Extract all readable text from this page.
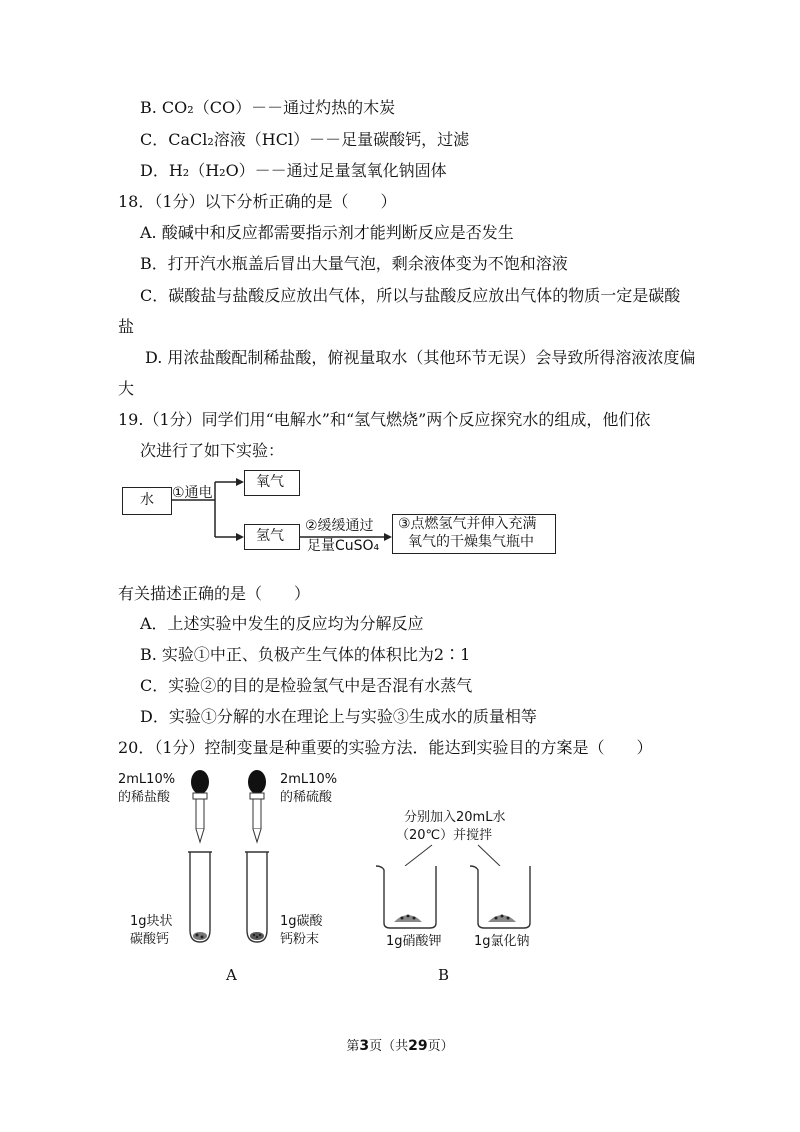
B. CO₂（CO）－－通过灼热的木炭
C．CaCl₂溶液（HCl）－－足量碳酸钙，过滤
D．H₂（H₂O）－－通过足量氢氧化钠固体
18．（1分）以下分析正确的是（　　）
A. 酸碱中和反应都需要指示剂才能判断反应是否发生
B．打开汽水瓶盖后冒出大量气泡，剩余液体变为不饱和溶液
C．碳酸盐与盐酸反应放出气体，所以与盐酸反应放出气体的物质一定是碳酸
盐
D. 用浓盐酸配制稀盐酸，俯视量取水（其他环节无误）会导致所得溶液浓度偏
大
19.（1分）同学们用“电解水”和“氢气燃烧”两个反应探究水的组成，他们依
次进行了如下实验：
水 ①通电
氧气
氢气
②缓缓通过
足量CuSO₄
③点燃氢气并伸入充满
氧气的干燥集气瓶中
有关描述正确的是（　　）
A．上述实验中发生的反应均为分解反应
B. 实验①中正、负极产生气体的体积比为2∶1
C．实验②的目的是检验氢气中是否混有水蒸气
D．实验①分解的水在理论上与实验③生成水的质量相等
20．（1分）控制变量是种重要的实验方法．能达到实验目的方案是（　　）
2mL10%
的稀盐酸
2mL10%
的稀硫酸
1g块状
碳酸钙
1g碳酸
钙粉末
A
分别加入20mL水
（20℃）并搅拌
1g硝酸钾 1g氯化钠
B
第3页（共29页）
